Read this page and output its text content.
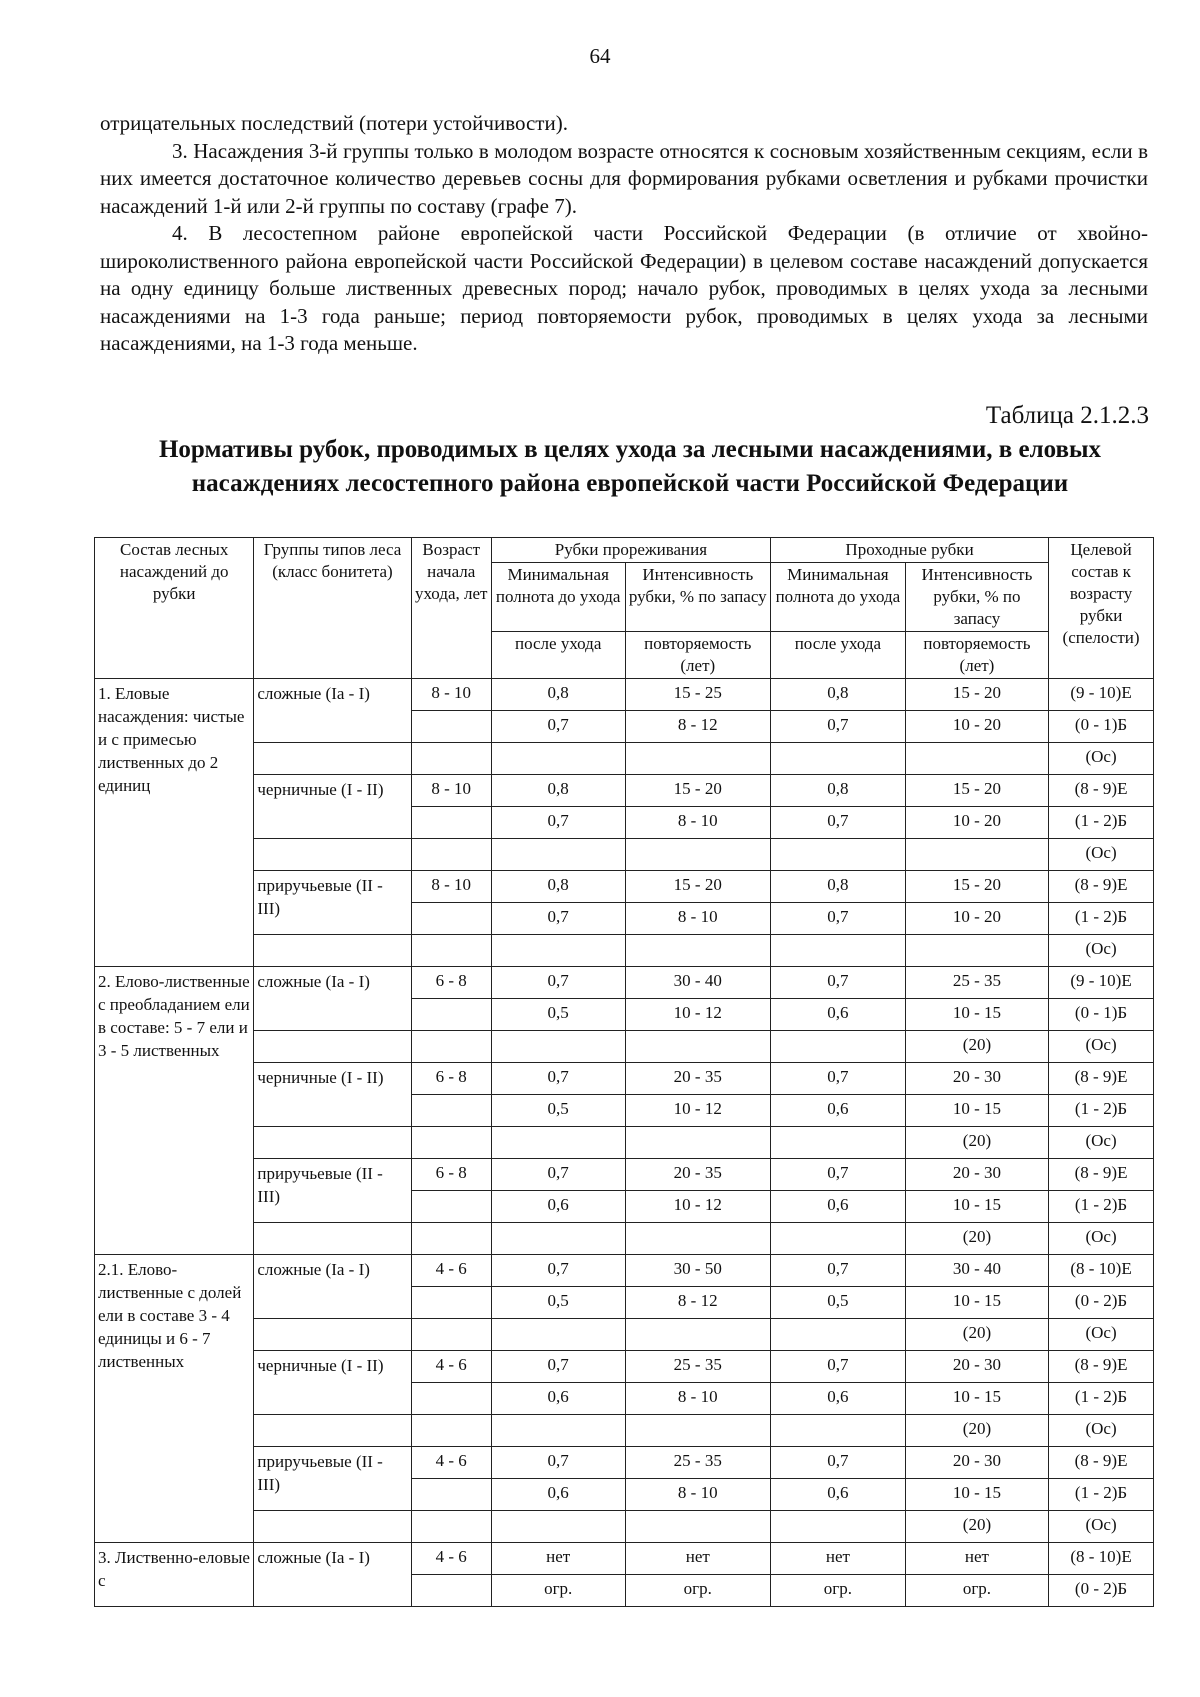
64

отрицательных последствий (потери устойчивости).

3. Насаждения 3-й группы только в молодом возрасте относятся к сосновым хозяйственным секциям, если в них имеется достаточное количество деревьев сосны для формирования рубками осветления и рубками прочистки насаждений 1-й или 2-й группы по составу (графе 7).

4. В лесостепном районе европейской части Российской Федерации (в отличие от хвойно-широколиственного района европейской части Российской Федерации) в целевом составе насаждений допускается на одну единицу больше лиственных древесных пород; начало рубок, проводимых в целях ухода за лесными насаждениями на 1-3 года раньше; период повторяемости рубок, проводимых в целях ухода за лесными насаждениями, на 1-3 года меньше.

Таблица 2.1.2.3
Нормативы рубок, проводимых в целях ухода за лесными насаждениями, в еловых насаждениях лесостепного района европейской части Российской Федерации
Состав лесных насаждений до рубки	Группы типов леса (класс бонитета)	Возраст начала ухода, лет	Рубки прореживания		Проходные рубки		Целевой состав к возрасту рубки (спелости)
			Минимальная полнота до ухода	Интенсивность рубки, % по запасу	Минимальная полнота до ухода	Интенсивность рубки, % по запасу	
			после ухода	повторяемость (лет)	после ухода	повторяемость (лет)	
1. Еловые насаждения: чистые и с примесью лиственных до 2 единиц	сложные (Ia - I)	8 - 10	0,8	15 - 25	0,8	15 - 20	(9 - 10)Е
			0,7	8 - 12	0,7	10 - 20	(0 - 1)Б
							(Ос)
	черничные (I - II)	8 - 10	0,8	15 - 20	0,8	15 - 20	(8 - 9)Е
			0,7	8 - 10	0,7	10 - 20	(1 - 2)Б
							(Ос)
	приручьевые (II - III)	8 - 10	0,8	15 - 20	0,8	15 - 20	(8 - 9)Е
			0,7	8 - 10	0,7	10 - 20	(1 - 2)Б
							(Ос)
2. Елово-лиственные с преобладанием ели в составе: 5 - 7 ели и 3 - 5 лиственных	сложные (Ia - I)	6 - 8	0,7	30 - 40	0,7	25 - 35	(9 - 10)Е
			0,5	10 - 12	0,6	10 - 15	(0 - 1)Б
						(20)	(Ос)
	черничные (I - II)	6 - 8	0,7	20 - 35	0,7	20 - 30	(8 - 9)Е
			0,5	10 - 12	0,6	10 - 15	(1 - 2)Б
						(20)	(Ос)
	приручьевые (II - III)	6 - 8	0,7	20 - 35	0,7	20 - 30	(8 - 9)Е
			0,6	10 - 12	0,6	10 - 15	(1 - 2)Б
						(20)	(Ос)
2.1. Елово-лиственные с долей ели в составе 3 - 4 единицы и 6 - 7 лиственных	сложные (Ia - I)	4 - 6	0,7	30 - 50	0,7	30 - 40	(8 - 10)Е
			0,5	8 - 12	0,5	10 - 15	(0 - 2)Б
						(20)	(Ос)
	черничные (I - II)	4 - 6	0,7	25 - 35	0,7	20 - 30	(8 - 9)Е
			0,6	8 - 10	0,6	10 - 15	(1 - 2)Б
						(20)	(Ос)
	приручьевые (II - III)	4 - 6	0,7	25 - 35	0,7	20 - 30	(8 - 9)Е
			0,6	8 - 10	0,6	10 - 15	(1 - 2)Б
						(20)	(Ос)
3. Лиственно-еловые с	сложные (Ia - I)	4 - 6	нет	нет	нет	нет	(8 - 10)Е
			огр.	огр.	огр.	огр.	(0 - 2)Б
